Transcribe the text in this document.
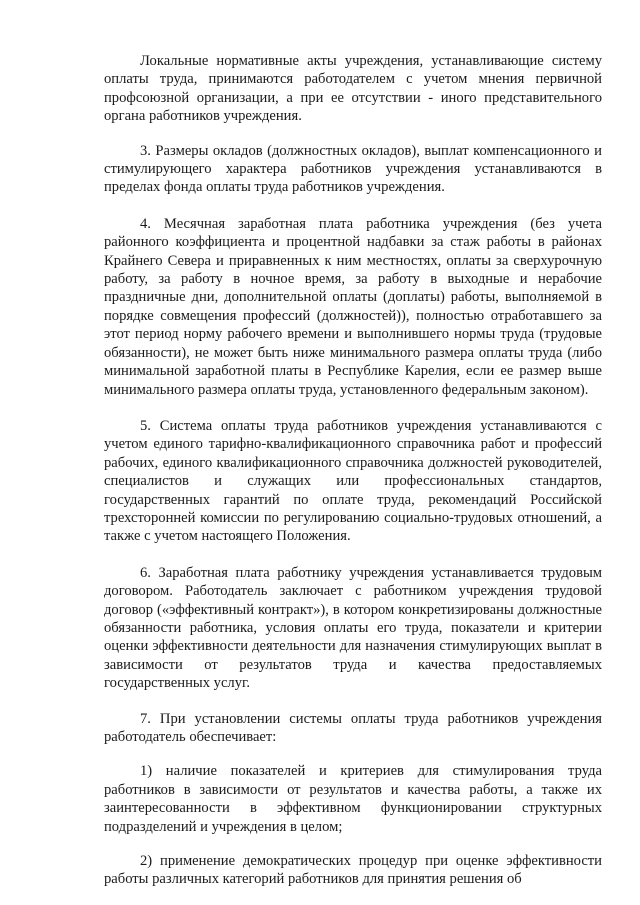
Локальные нормативные акты учреждения, устанавливающие систему оплаты труда, принимаются работодателем с учетом мнения первичной профсоюзной организации, а при ее отсутствии - иного представительного органа работников учреждения.

3. Размеры окладов (должностных окладов), выплат компенсационного и стимулирующего характера работников учреждения устанавливаются в пределах фонда оплаты труда работников учреждения.

4. Месячная заработная плата работника учреждения (без учета районного коэффициента и процентной надбавки за стаж работы в районах Крайнего Севера и приравненных к ним местностях, оплаты за сверхурочную работу, за работу в ночное время, за работу в выходные и нерабочие праздничные дни, дополнительной оплаты (доплаты) работы, выполняемой в порядке совмещения профессий (должностей)), полностью отработавшего за этот период норму рабочего времени и выполнившего нормы труда (трудовые обязанности), не может быть ниже минимального размера оплаты труда (либо минимальной заработной платы в Республике Карелия, если ее размер выше минимального размера оплаты труда, установленного федеральным законом).

5. Система оплаты труда работников учреждения устанавливаются с учетом единого тарифно-квалификационного справочника работ и профессий рабочих, единого квалификационного справочника должностей руководителей, специалистов и служащих или профессиональных стандартов, государственных гарантий по оплате труда, рекомендаций Российской трехсторонней комиссии по регулированию социально-трудовых отношений, а также с учетом настоящего Положения.

6. Заработная плата работнику учреждения устанавливается трудовым договором. Работодатель заключает с работником учреждения трудовой договор («эффективный контракт»), в котором конкретизированы должностные обязанности работника, условия оплаты его труда, показатели и критерии оценки эффективности деятельности для назначения стимулирующих выплат в зависимости от результатов труда и качества предоставляемых государственных услуг.

7. При установлении системы оплаты труда работников учреждения работодатель обеспечивает:

1) наличие показателей и критериев для стимулирования труда работников в зависимости от результатов и качества работы, а также их заинтересованности в эффективном функционировании структурных подразделений и учреждения в целом;

2) применение демократических процедур при оценке эффективности работы различных категорий работников для принятия решения об
